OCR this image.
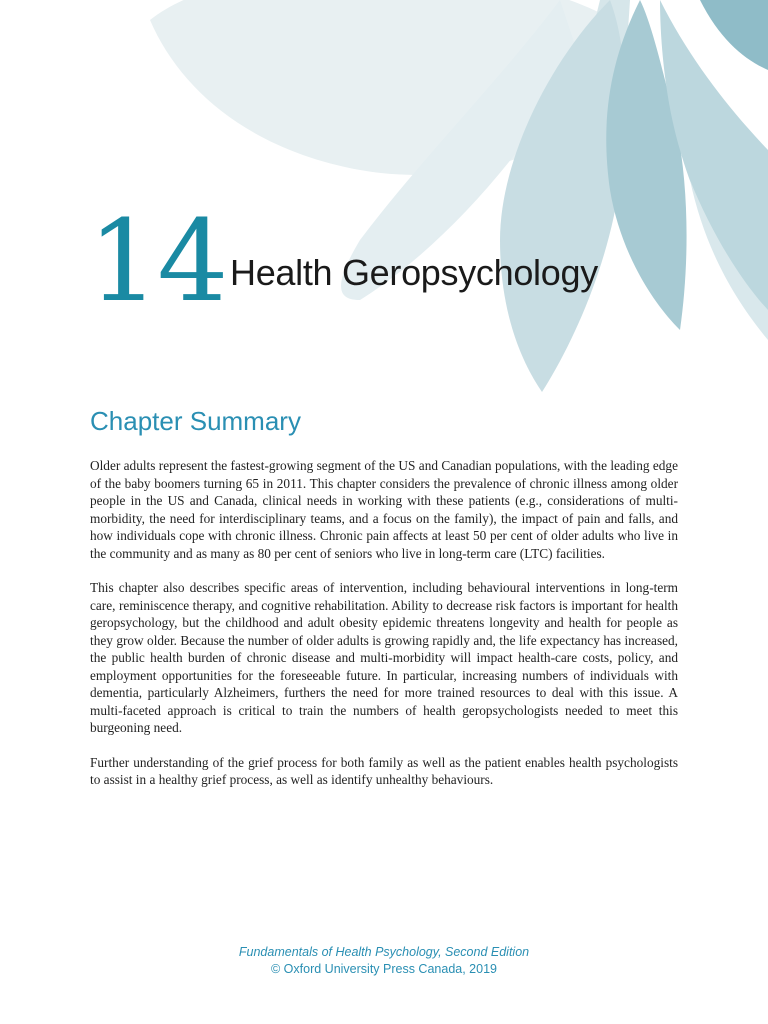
14 Health Geropsychology
Chapter Summary

Older adults represent the fastest-growing segment of the US and Canadian populations, with the leading edge of the baby boomers turning 65 in 2011. This chapter considers the prevalence of chronic illness among older people in the US and Canada, clinical needs in working with these patients (e.g., considerations of multi-morbidity, the need for interdisciplinary teams, and a focus on the family), the impact of pain and falls, and how individuals cope with chronic illness. Chronic pain affects at least 50 per cent of older adults who live in the community and as many as 80 per cent of seniors who live in long-term care (LTC) facilities.

This chapter also describes specific areas of intervention, including behavioural interventions in long-term care, reminiscence therapy, and cognitive rehabilitation. Ability to decrease risk factors is important for health geropsychology, but the childhood and adult obesity epidemic threatens longevity and health for people as they grow older. Because the number of older adults is growing rapidly and, the life expectancy has increased, the public health burden of chronic disease and multi-morbidity will impact health-care costs, policy, and employment opportunities for the foreseeable future. In particular, increasing numbers of individuals with dementia, particularly Alzheimers, furthers the need for more trained resources to deal with this issue. A multi-faceted approach is critical to train the numbers of health geropsychologists needed to meet this burgeoning need.

Further understanding of the grief process for both family as well as the patient enables health psychologists to assist in a healthy grief process, as well as identify unhealthy behaviours.

Fundamentals of Health Psychology, Second Edition
© Oxford University Press Canada, 2019
